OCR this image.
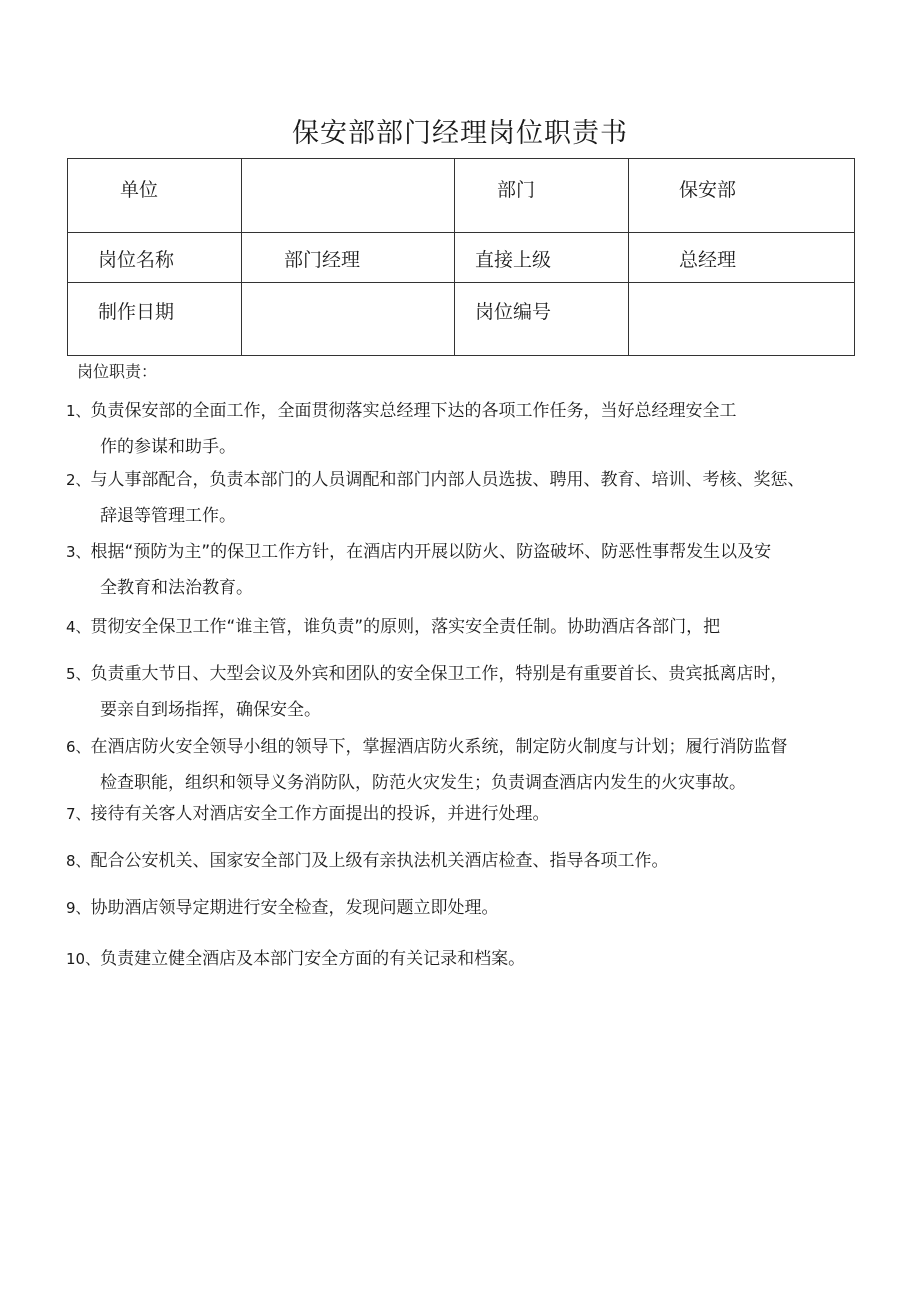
保安部部门经理岗位职责书
单位		部门	保安部
岗位名称	部门经理	直接上级	总经理
制作日期		岗位编号	
岗位职责：
1、负责保安部的全面工作，全面贯彻落实总经理下达的各项工作任务，当好总经理安全工
作的参谋和助手。
2、与人事部配合，负责本部门的人员调配和部门内部人员选拔、聘用、教育、培训、考核、奖惩、
辞退等管理工作。
3、根据“预防为主”的保卫工作方针，在酒店内开展以防火、防盗破坏、防恶性事帮发生以及安
全教育和法治教育。
4、贯彻安全保卫工作“谁主管，谁负责”的原则，落实安全责任制。协助酒店各部门，把
5、负责重大节日、大型会议及外宾和团队的安全保卫工作，特别是有重要首长、贵宾抵离店时，
要亲自到场指挥，确保安全。
6、在酒店防火安全领导小组的领导下，掌握酒店防火系统，制定防火制度与计划；履行消防监督
检查职能，组织和领导义务消防队，防范火灾发生；负责调查酒店内发生的火灾事故。
7、接待有关客人对酒店安全工作方面提出的投诉，并进行处理。
8、配合公安机关、国家安全部门及上级有亲执法机关酒店检查、指导各项工作。
9、协助酒店领导定期进行安全检查，发现问题立即处理。
10、负责建立健全酒店及本部门安全方面的有关记录和档案。
